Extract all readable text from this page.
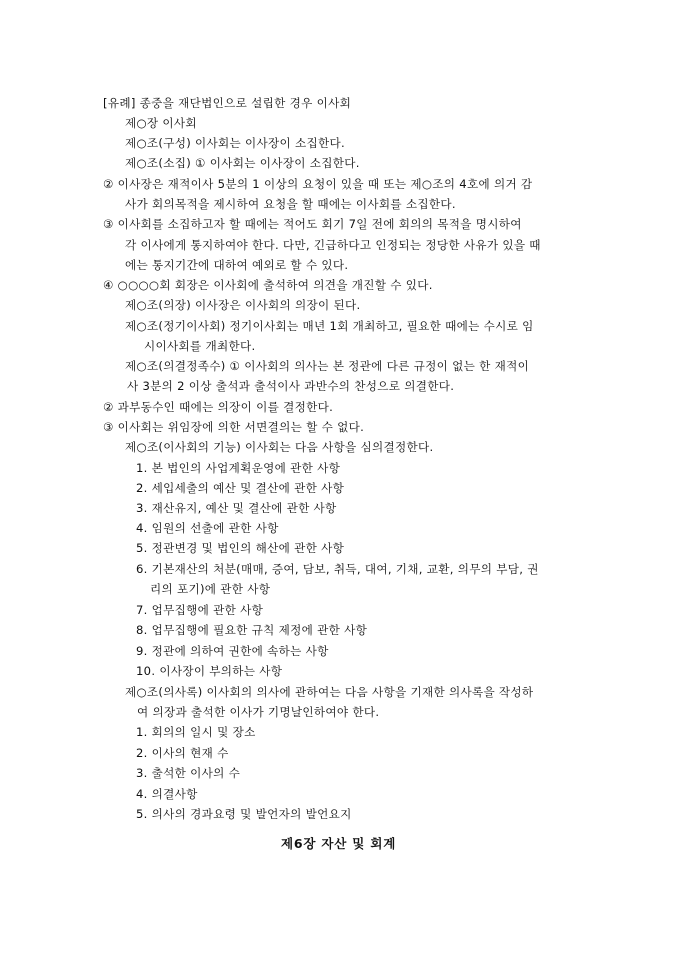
[유례] 종중을 재단법인으로 설립한 경우 이사회
제○장 이사회
제○조(구성) 이사회는 이사장이 소집한다.
제○조(소집) ① 이사회는 이사장이 소집한다.
② 이사장은 재적이사 5분의 1 이상의 요청이 있을 때 또는 제○조의 4호에 의거 감
사가 회의목적을 제시하여 요청을 할 때에는 이사회를 소집한다.
③ 이사회를 소집하고자 할 때에는 적어도 회기 7일 전에 회의의 목적을 명시하여
각 이사에게 통지하여야 한다. 다만, 긴급하다고 인정되는 정당한 사유가 있을 때
에는 통지기간에 대하여 예외로 할 수 있다.
④ ○○○○회 회장은 이사회에 출석하여 의견을 개진할 수 있다.
제○조(의장) 이사장은 이사회의 의장이 된다.
제○조(정기이사회) 정기이사회는 매년 1회 개최하고, 필요한 때에는 수시로 임
시이사회를 개최한다.
제○조(의결정족수) ① 이사회의 의사는 본 정관에 다른 규정이 없는 한 재적이
사 3분의 2 이상 출석과 출석이사 과반수의 찬성으로 의결한다.
② 과부동수인 때에는 의장이 이를 결정한다.
③ 이사회는 위임장에 의한 서면결의는 할 수 없다.
제○조(이사회의 기능) 이사회는 다음 사항을 심의결정한다.
1. 본 법인의 사업계획운영에 관한 사항
2. 세입세출의 예산 및 결산에 관한 사항
3. 재산유지, 예산 및 결산에 관한 사항
4. 임원의 선출에 관한 사항
5. 정관변경 및 법인의 해산에 관한 사항
6. 기본재산의 처분(매매, 증여, 담보, 취득, 대여, 기채, 교환, 의무의 부담, 권
리의 포기)에 관한 사항
7. 업무집행에 관한 사항
8. 업무집행에 필요한 규칙 제정에 관한 사항
9. 정관에 의하여 권한에 속하는 사항
10. 이사장이 부의하는 사항
제○조(의사록) 이사회의 의사에 관하여는 다음 사항을 기재한 의사록을 작성하
여 의장과 출석한 이사가 기명날인하여야 한다.
1. 회의의 일시 및 장소
2. 이사의 현재 수
3. 출석한 이사의 수
4. 의결사항
5. 의사의 경과요령 및 발언자의 발언요지
제6장 자산 및 회계
